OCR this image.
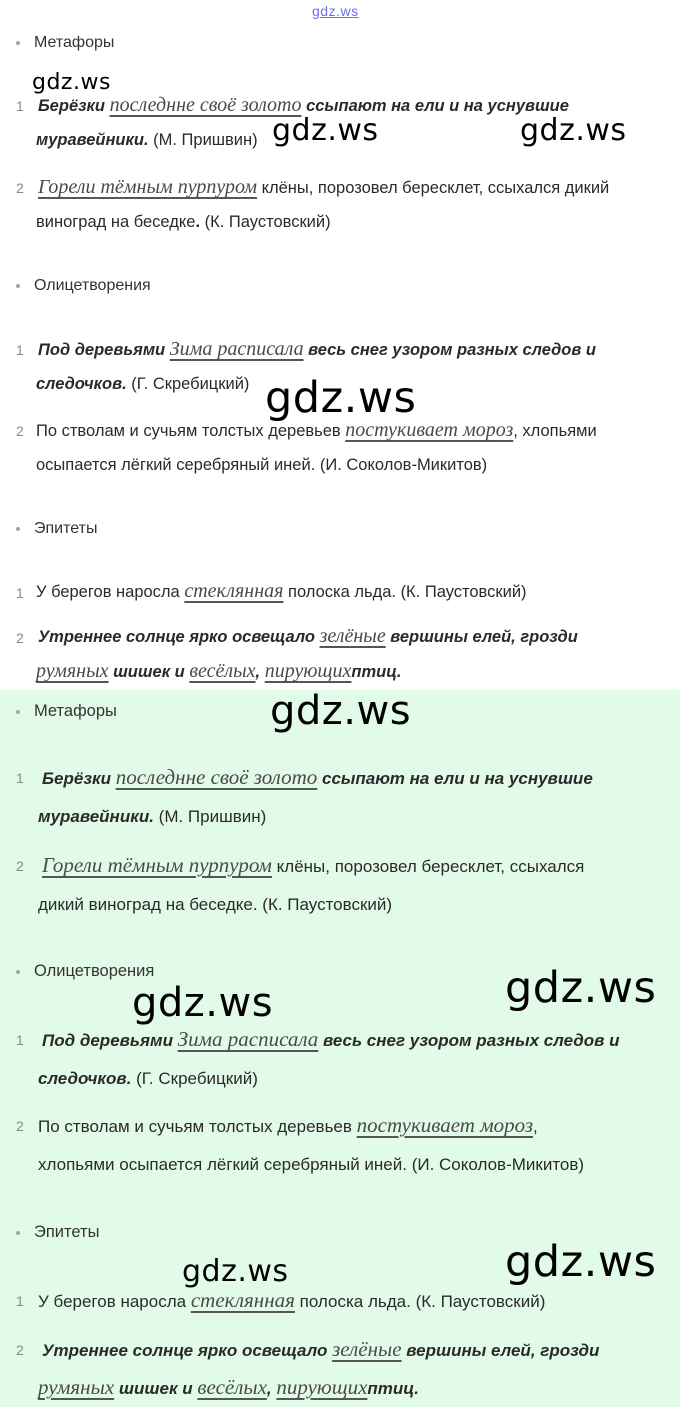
gdz.ws
gdz.ws
gdz.ws	gdz.ws
gdz.ws
gdz.ws
gdz.ws	gdz.ws
gdz.ws	gdz.ws
Метафоры
1 Берёзки последнне своё золото ссыпают на ели и на уснувшие
муравейники. (М. Пришвин)
2 Горели тёмным пурпуром клёны, порозовел бересклет, ссыхался дикий
виноград на беседке. (К. Паустовский)
Олицетворения
1 Под деревьями Зима расписала весь снег узором разных следов и
следочков. (Г. Скребицкий)
2 По стволам и сучьям толстых деревьев постукивает мороз, хлопьями
осыпается лёгкий серебряный иней. (И. Соколов-Микитов)
Эпитеты
1 У берегов наросла стеклянная полоска льда. (К. Паустовский)
2 Утреннее солнце ярко освещало зелёные вершины елей, грозди
румяных шишек и весёлых, пирующихптиц.
Метафоры
1 Берёзки последнне своё золото ссыпают на ели и на уснувшие
муравейники. (М. Пришвин)
2 Горели тёмным пурпуром клёны, порозовел бересклет, ссыхался
дикий виноград на беседке. (К. Паустовский)
Олицетворения
1 Под деревьями Зима расписала весь снег узором разных следов и
следочков. (Г. Скребицкий)
2 По стволам и сучьям толстых деревьев постукивает мороз,
хлопьями осыпается лёгкий серебряный иней. (И. Соколов-Микитов)
Эпитеты
1 У берегов наросла стеклянная полоска льда. (К. Паустовский)
2 Утреннее солнце ярко освещало зелёные вершины елей, грозди
румяных шишек и весёлых, пирующихптиц.
